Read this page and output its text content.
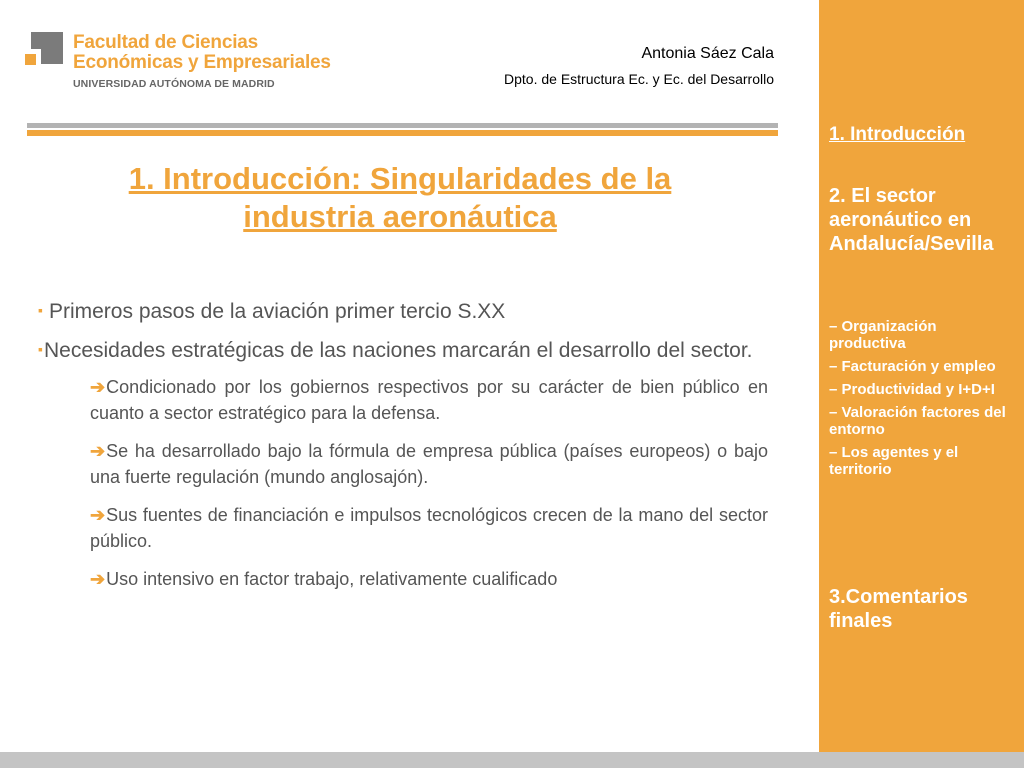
Facultad de Ciencias
Económicas y Empresariales
UNIVERSIDAD AUTÓNOMA DE MADRID
Antonia Sáez Cala
Dpto. de Estructura Ec. y Ec. del Desarrollo
1. Introducción: Singularidades de la industria aeronáutica

▪ Primeros pasos de la aviación primer tercio S.XX

▪Necesidades estratégicas de las naciones marcarán el desarrollo del sector.

➔Condicionado por los gobiernos respectivos por su carácter de bien público en cuanto a sector estratégico para la defensa.

➔Se ha desarrollado bajo la fórmula de empresa pública (países europeos) o bajo una fuerte regulación (mundo anglosajón).

➔Sus fuentes de financiación e impulsos tecnológicos crecen de la mano del sector público.

➔Uso intensivo en factor trabajo, relativamente cualificado

1. Introducción
2. El sector aeronáutico en Andalucía/Sevilla
– Organización productiva
– Facturación y empleo
– Productividad y I+D+I
– Valoración factores del entorno
– Los agentes y el territorio
3.Comentarios finales
